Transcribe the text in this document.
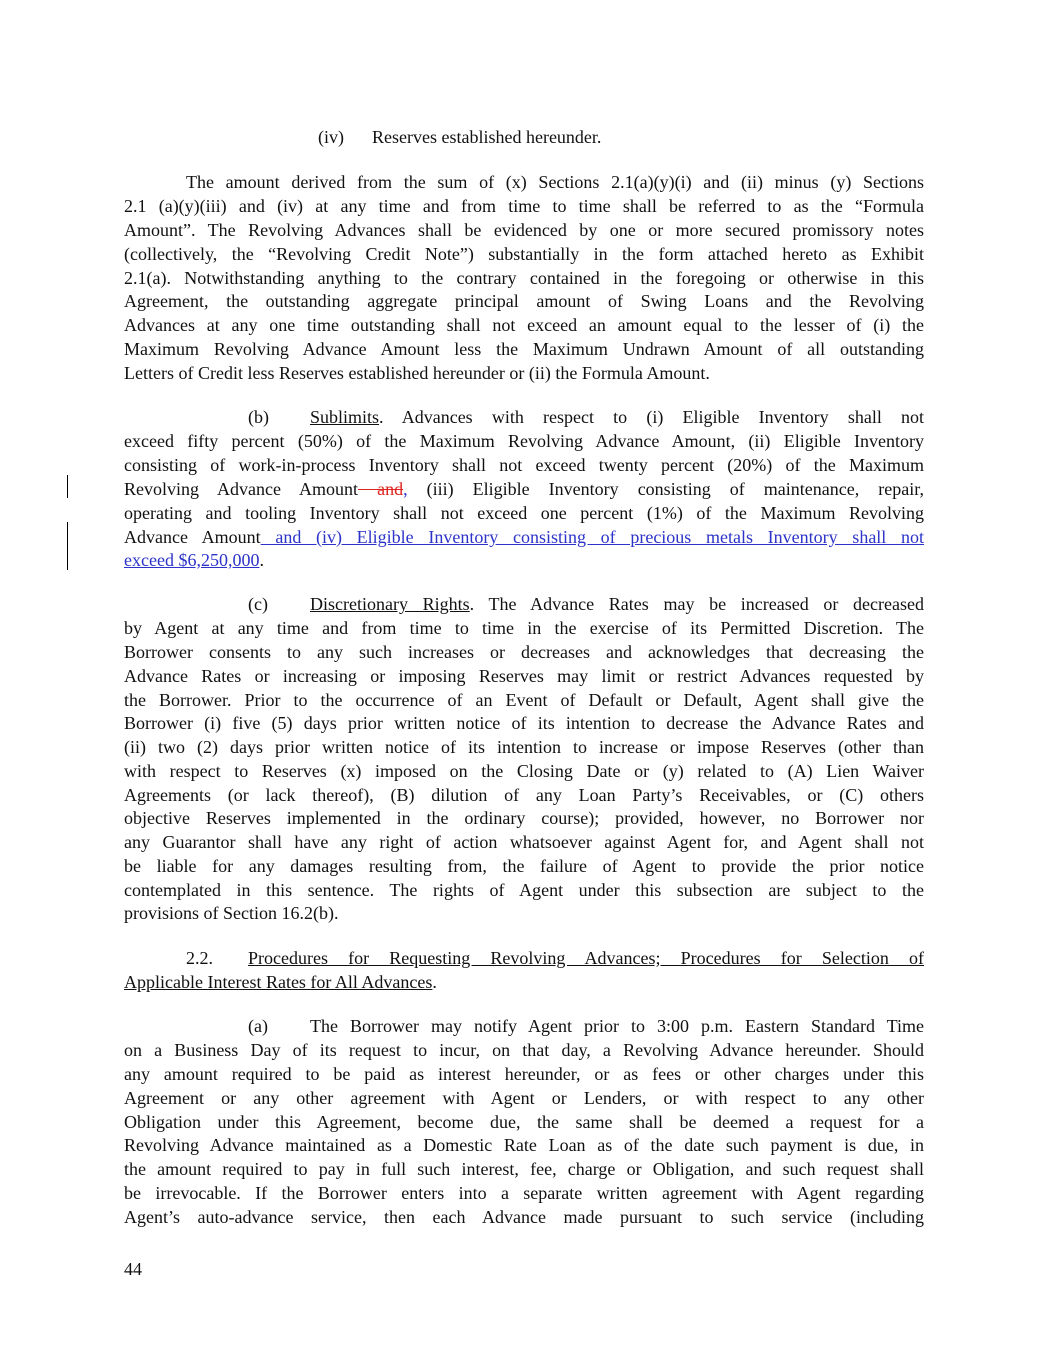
(iv) Reserves established hereunder.
The amount derived from the sum of (x) Sections 2.1(a)(y)(i) and (ii) minus (y) Sections
2.1 (a)(y)(iii) and (iv) at any time and from time to time shall be referred to as the “Formula
Amount”. The Revolving Advances shall be evidenced by one or more secured promissory notes
(collectively, the “Revolving Credit Note”) substantially in the form attached hereto as Exhibit
2.1(a). Notwithstanding anything to the contrary contained in the foregoing or otherwise in this
Agreement, the outstanding aggregate principal amount of Swing Loans and the Revolving
Advances at any one time outstanding shall not exceed an amount equal to the lesser of (i) the
Maximum Revolving Advance Amount less the Maximum Undrawn Amount of all outstanding
Letters of Credit less Reserves established hereunder or (ii) the Formula Amount.
(b) Sublimits. Advances with respect to (i) Eligible Inventory shall not
exceed fifty percent (50%) of the Maximum Revolving Advance Amount, (ii) Eligible Inventory
consisting of work-in-process Inventory shall not exceed twenty percent (20%) of the Maximum
Revolving Advance Amount and, (iii) Eligible Inventory consisting of maintenance, repair,
operating and tooling Inventory shall not exceed one percent (1%) of the Maximum Revolving
Advance Amount and (iv) Eligible Inventory consisting of precious metals Inventory shall not
exceed $6,250,000.
(c) Discretionary Rights. The Advance Rates may be increased or decreased
by Agent at any time and from time to time in the exercise of its Permitted Discretion. The
Borrower consents to any such increases or decreases and acknowledges that decreasing the
Advance Rates or increasing or imposing Reserves may limit or restrict Advances requested by
the Borrower. Prior to the occurrence of an Event of Default or Default, Agent shall give the
Borrower (i) five (5) days prior written notice of its intention to decrease the Advance Rates and
(ii) two (2) days prior written notice of its intention to increase or impose Reserves (other than
with respect to Reserves (x) imposed on the Closing Date or (y) related to (A) Lien Waiver
Agreements (or lack thereof), (B) dilution of any Loan Party’s Receivables, or (C) others
objective Reserves implemented in the ordinary course); provided, however, no Borrower nor
any Guarantor shall have any right of action whatsoever against Agent for, and Agent shall not
be liable for any damages resulting from, the failure of Agent to provide the prior notice
contemplated in this sentence. The rights of Agent under this subsection are subject to the
provisions of Section 16.2(b).
2.2. Procedures for Requesting Revolving Advances; Procedures for Selection of
Applicable Interest Rates for All Advances.
(a) The Borrower may notify Agent prior to 3:00 p.m. Eastern Standard Time
on a Business Day of its request to incur, on that day, a Revolving Advance hereunder. Should
any amount required to be paid as interest hereunder, or as fees or other charges under this
Agreement or any other agreement with Agent or Lenders, or with respect to any other
Obligation under this Agreement, become due, the same shall be deemed a request for a
Revolving Advance maintained as a Domestic Rate Loan as of the date such payment is due, in
the amount required to pay in full such interest, fee, charge or Obligation, and such request shall
be irrevocable. If the Borrower enters into a separate written agreement with Agent regarding
Agent’s auto-advance service, then each Advance made pursuant to such service (including
44
